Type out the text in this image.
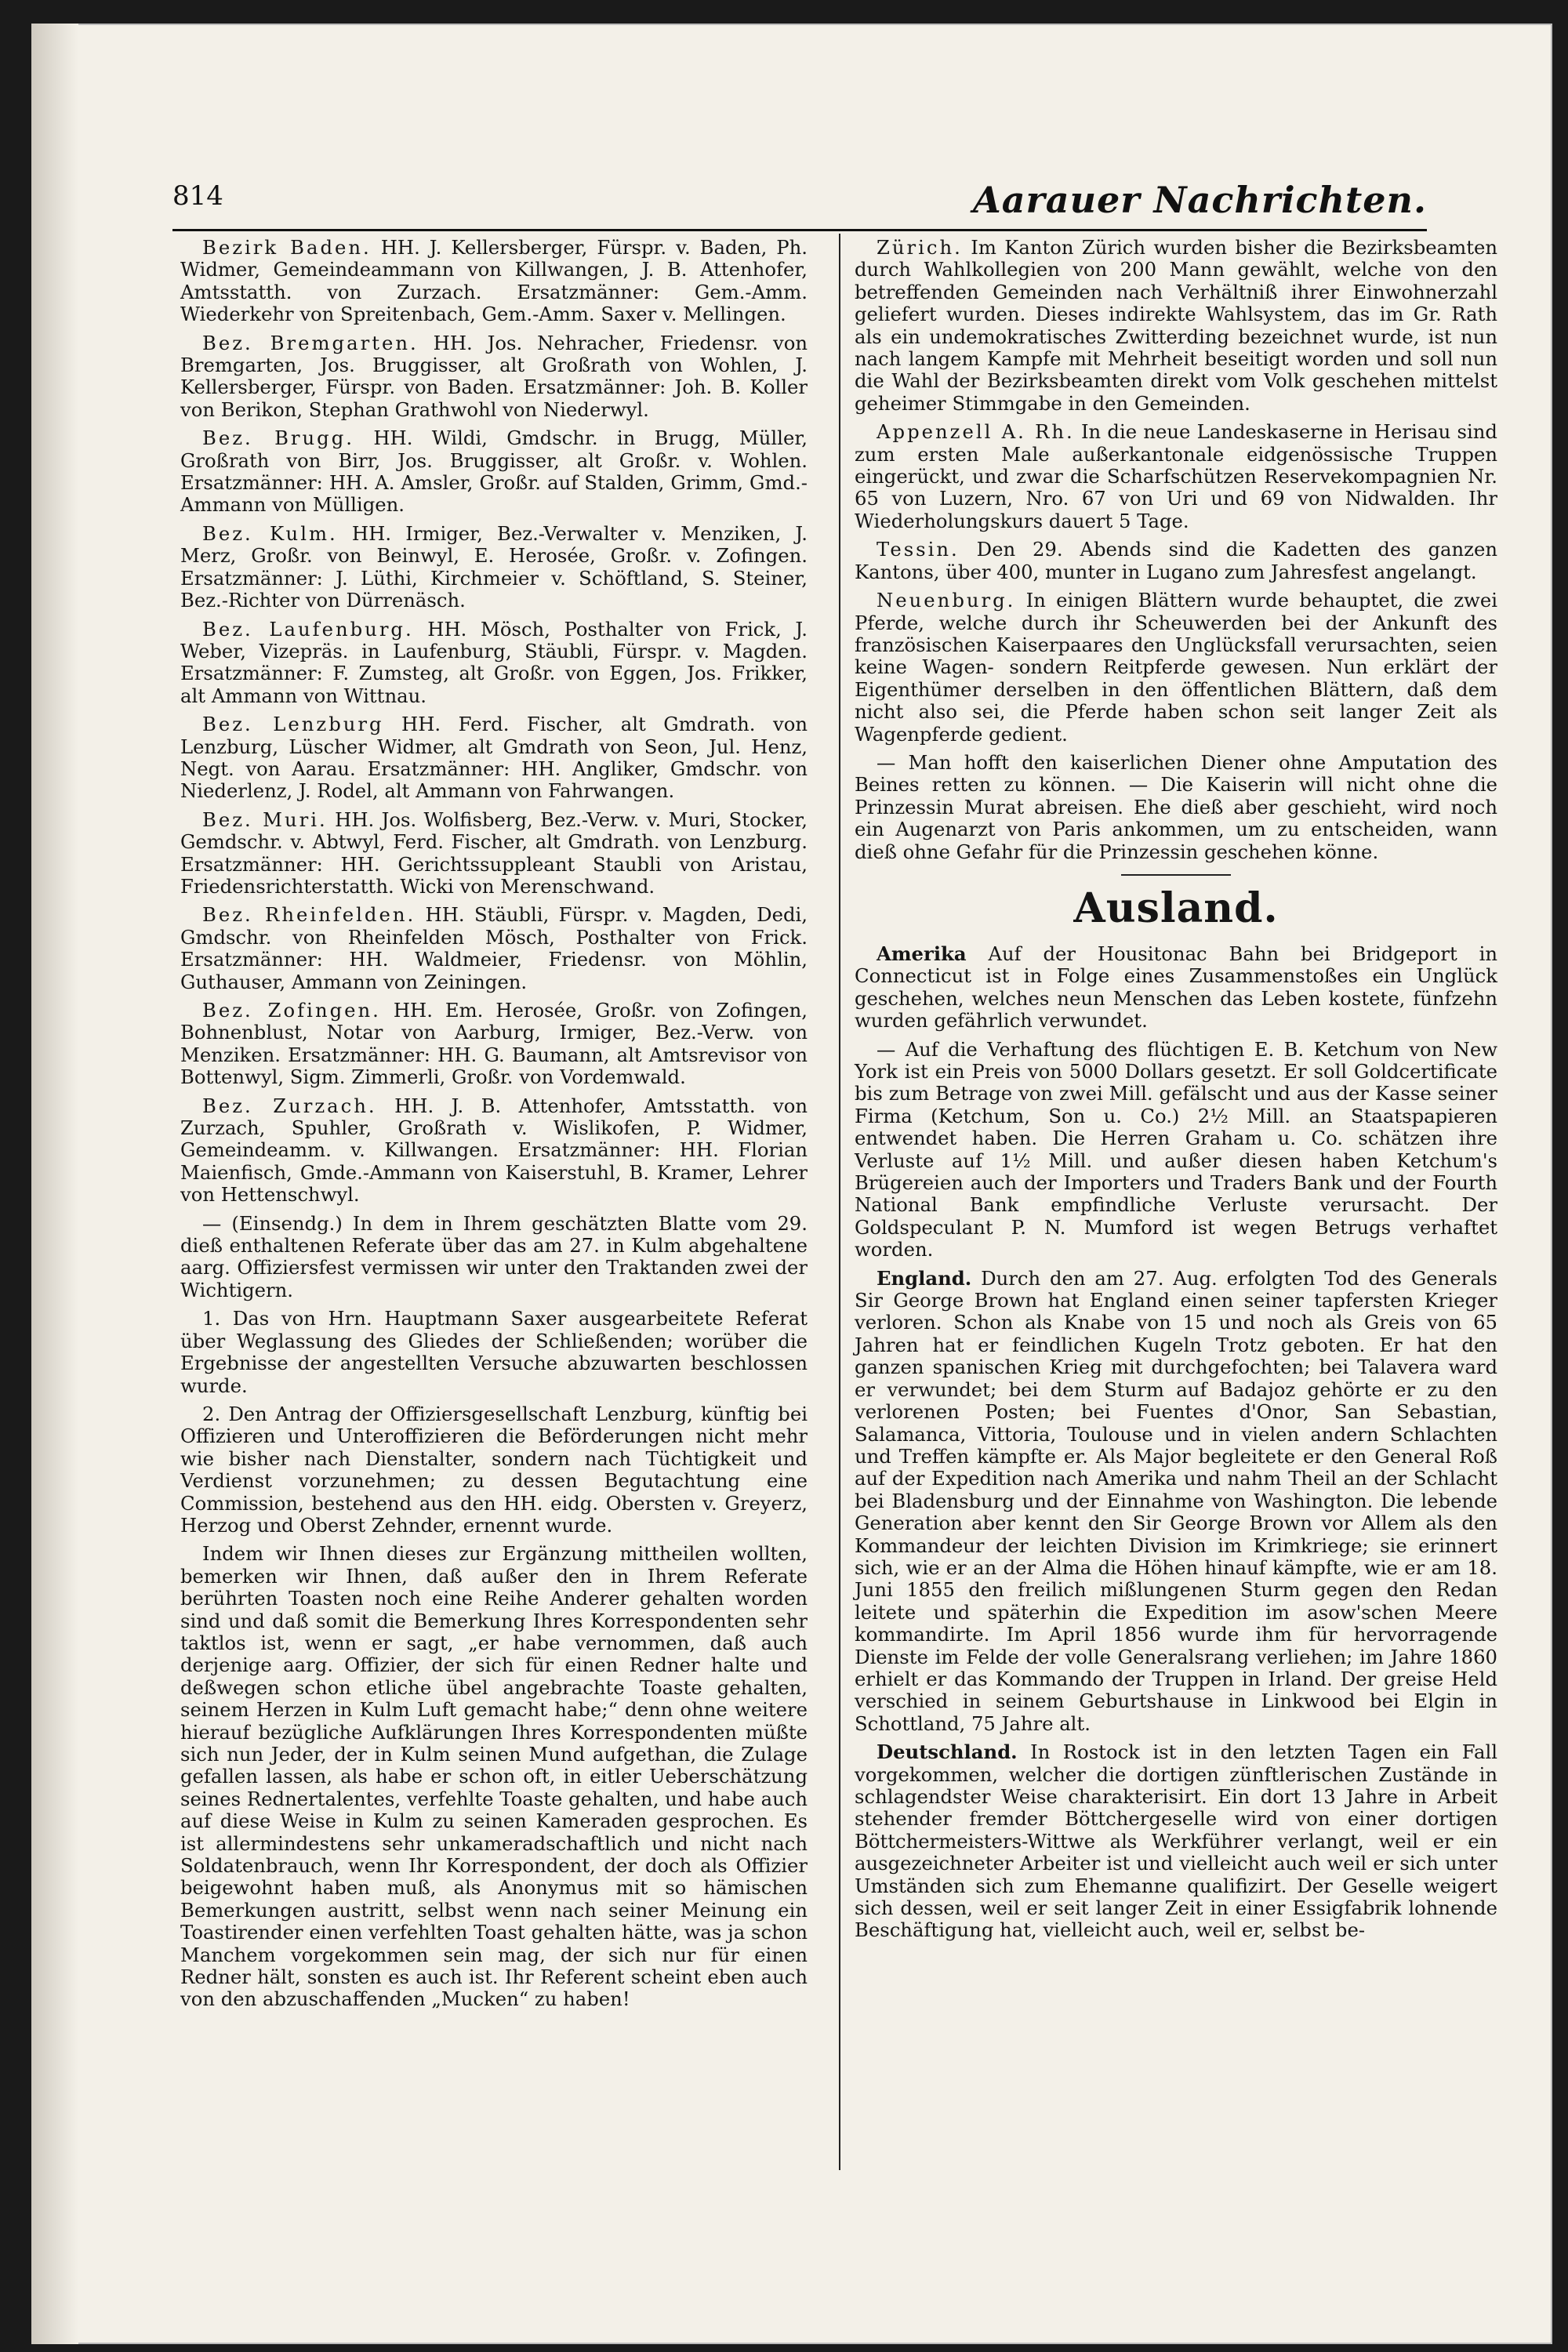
814	Aarauer Nachrichten.

Bezirk Baden. HH. J. Kellersberger, Fürspr. v. Baden, Ph. Widmer, Gemeindeammann von Killwangen, J. B. Attenhofer, Amtsstatth. von Zurzach. Ersatzmänner: Gem.-Amm. Wiederkehr von Spreitenbach, Gem.-Amm. Saxer v. Mellingen.

Bez. Bremgarten. HH. Jos. Nehracher, Friedensr. von Bremgarten, Jos. Bruggisser, alt Großrath von Wohlen, J. Kellersberger, Fürspr. von Baden. Ersatzmänner: Joh. B. Koller von Berikon, Stephan Grathwohl von Niederwyl.

Bez. Brugg. HH. Wildi, Gmdschr. in Brugg, Müller, Großrath von Birr, Jos. Bruggisser, alt Großr. v. Wohlen. Ersatzmänner: HH. A. Amsler, Großr. auf Stalden, Grimm, Gmd.-Ammann von Mülligen.

Bez. Kulm. HH. Irmiger, Bez.-Verwalter v. Menziken, J. Merz, Großr. von Beinwyl, E. Herosée, Großr. v. Zofingen. Ersatzmänner: J. Lüthi, Kirchmeier v. Schöftland, S. Steiner, Bez.-Richter von Dürrenäsch.

Bez. Laufenburg. HH. Mösch, Posthalter von Frick, J. Weber, Vizepräs. in Laufenburg, Stäubli, Fürspr. v. Magden. Ersatzmänner: F. Zumsteg, alt Großr. von Eggen, Jos. Frikker, alt Ammann von Wittnau.

Bez. Lenzburg HH. Ferd. Fischer, alt Gmdrath. von Lenzburg, Lüscher Widmer, alt Gmdrath von Seon, Jul. Henz, Negt. von Aarau. Ersatzmänner: HH. Angliker, Gmdschr. von Niederlenz, J. Rodel, alt Ammann von Fahrwangen.

Bez. Muri. HH. Jos. Wolfisberg, Bez.-Verw. v. Muri, Stocker, Gemdschr. v. Abtwyl, Ferd. Fischer, alt Gmdrath. von Lenzburg. Ersatzmänner: HH. Gerichtssuppleant Staubli von Aristau, Friedensrichterstatth. Wicki von Merenschwand.

Bez. Rheinfelden. HH. Stäubli, Fürspr. v. Magden, Dedi, Gmdschr. von Rheinfelden Mösch, Posthalter von Frick. Ersatzmänner: HH. Waldmeier, Friedensr. von Möhlin, Guthauser, Ammann von Zeiningen.

Bez. Zofingen. HH. Em. Herosée, Großr. von Zofingen, Bohnenblust, Notar von Aarburg, Irmiger, Bez.-Verw. von Menziken. Ersatzmänner: HH. G. Baumann, alt Amtsrevisor von Bottenwyl, Sigm. Zimmerli, Großr. von Vordemwald.

Bez. Zurzach. HH. J. B. Attenhofer, Amtsstatth. von Zurzach, Spuhler, Großrath v. Wislikofen, P. Widmer, Gemeindeamm. v. Killwangen. Ersatzmänner: HH. Florian Maienfisch, Gmde.-Ammann von Kaiserstuhl, B. Kramer, Lehrer von Hettenschwyl.

— (Einsendg.) In dem in Ihrem geschätzten Blatte vom 29. dieß enthaltenen Referate über das am 27. in Kulm abgehaltene aarg. Offiziersfest vermissen wir unter den Traktanden zwei der Wichtigern.

1. Das von Hrn. Hauptmann Saxer ausgearbeitete Referat über Weglassung des Gliedes der Schließenden; worüber die Ergebnisse der angestellten Versuche abzuwarten beschlossen wurde.

2. Den Antrag der Offiziersgesellschaft Lenzburg, künftig bei Offizieren und Unteroffizieren die Beförderungen nicht mehr wie bisher nach Dienstalter, sondern nach Tüchtigkeit und Verdienst vorzunehmen; zu dessen Begutachtung eine Commission, bestehend aus den HH. eidg. Obersten v. Greyerz, Herzog und Oberst Zehnder, ernennt wurde.

Indem wir Ihnen dieses zur Ergänzung mittheilen wollten, bemerken wir Ihnen, daß außer den in Ihrem Referate berührten Toasten noch eine Reihe Anderer gehalten worden sind und daß somit die Bemerkung Ihres Korrespondenten sehr taktlos ist, wenn er sagt, „er habe vernommen, daß auch derjenige aarg. Offizier, der sich für einen Redner halte und deßwegen schon etliche übel angebrachte Toaste gehalten, seinem Herzen in Kulm Luft gemacht habe;“ denn ohne weitere hierauf bezügliche Aufklärungen Ihres Korrespondenten müßte sich nun Jeder, der in Kulm seinen Mund aufgethan, die Zulage gefallen lassen, als habe er schon oft, in eitler Ueberschätzung seines Rednertalentes, verfehlte Toaste gehalten, und habe auch auf diese Weise in Kulm zu seinen Kameraden gesprochen. Es ist allermindestens sehr unkameradschaftlich und nicht nach Soldatenbrauch, wenn Ihr Korrespondent, der doch als Offizier beigewohnt haben muß, als Anonymus mit so hämischen Bemerkungen austritt, selbst wenn nach seiner Meinung ein Toastirender einen verfehlten Toast gehalten hätte, was ja schon Manchem vorgekommen sein mag, der sich nur für einen Redner hält, sonsten es auch ist. Ihr Referent scheint eben auch von den abzuschaffenden „Mucken“ zu haben!

Zürich. Im Kanton Zürich wurden bisher die Bezirksbeamten durch Wahlkollegien von 200 Mann gewählt, welche von den betreffenden Gemeinden nach Verhältniß ihrer Einwohnerzahl geliefert wurden. Dieses indirekte Wahlsystem, das im Gr. Rath als ein undemokratisches Zwitterding bezeichnet wurde, ist nun nach langem Kampfe mit Mehrheit beseitigt worden und soll nun die Wahl der Bezirksbeamten direkt vom Volk geschehen mittelst geheimer Stimmgabe in den Gemeinden.

Appenzell A. Rh. In die neue Landeskaserne in Herisau sind zum ersten Male außerkantonale eidgenössische Truppen eingerückt, und zwar die Scharfschützen Reservekompagnien Nr. 65 von Luzern, Nro. 67 von Uri und 69 von Nidwalden. Ihr Wiederholungskurs dauert 5 Tage.

Tessin. Den 29. Abends sind die Kadetten des ganzen Kantons, über 400, munter in Lugano zum Jahresfest angelangt.

Neuenburg. In einigen Blättern wurde behauptet, die zwei Pferde, welche durch ihr Scheuwerden bei der Ankunft des französischen Kaiserpaares den Unglücksfall verursachten, seien keine Wagen- sondern Reitpferde gewesen. Nun erklärt der Eigenthümer derselben in den öffentlichen Blättern, daß dem nicht also sei, die Pferde haben schon seit langer Zeit als Wagenpferde gedient.

— Man hofft den kaiserlichen Diener ohne Amputation des Beines retten zu können. — Die Kaiserin will nicht ohne die Prinzessin Murat abreisen. Ehe dieß aber geschieht, wird noch ein Augenarzt von Paris ankommen, um zu entscheiden, wann dieß ohne Gefahr für die Prinzessin geschehen könne.

Ausland.

Amerika Auf der Housitonac Bahn bei Bridgeport in Connecticut ist in Folge eines Zusammenstoßes ein Unglück geschehen, welches neun Menschen das Leben kostete, fünfzehn wurden gefährlich verwundet.

— Auf die Verhaftung des flüchtigen E. B. Ketchum von New York ist ein Preis von 5000 Dollars gesetzt. Er soll Goldcertificate bis zum Betrage von zwei Mill. gefälscht und aus der Kasse seiner Firma (Ketchum, Son u. Co.) 2½ Mill. an Staatspapieren entwendet haben. Die Herren Graham u. Co. schätzen ihre Verluste auf 1½ Mill. und außer diesen haben Ketchum's Brügereien auch der Importers und Traders Bank und der Fourth National Bank empfindliche Verluste verursacht. Der Goldspeculant P. N. Mumford ist wegen Betrugs verhaftet worden.

England. Durch den am 27. Aug. erfolgten Tod des Generals Sir George Brown hat England einen seiner tapfersten Krieger verloren. Schon als Knabe von 15 und noch als Greis von 65 Jahren hat er feindlichen Kugeln Trotz geboten. Er hat den ganzen spanischen Krieg mit durchgefochten; bei Talavera ward er verwundet; bei dem Sturm auf Badajoz gehörte er zu den verlorenen Posten; bei Fuentes d'Onor, San Sebastian, Salamanca, Vittoria, Toulouse und in vielen andern Schlachten und Treffen kämpfte er. Als Major begleitete er den General Roß auf der Expedition nach Amerika und nahm Theil an der Schlacht bei Bladensburg und der Einnahme von Washington. Die lebende Generation aber kennt den Sir George Brown vor Allem als den Kommandeur der leichten Division im Krimkriege; sie erinnert sich, wie er an der Alma die Höhen hinauf kämpfte, wie er am 18. Juni 1855 den freilich mißlungenen Sturm gegen den Redan leitete und späterhin die Expedition im asow'schen Meere kommandirte. Im April 1856 wurde ihm für hervorragende Dienste im Felde der volle Generalsrang verliehen; im Jahre 1860 erhielt er das Kommando der Truppen in Irland. Der greise Held verschied in seinem Geburtshause in Linkwood bei Elgin in Schottland, 75 Jahre alt.

Deutschland. In Rostock ist in den letzten Tagen ein Fall vorgekommen, welcher die dortigen zünftlerischen Zustände in schlagendster Weise charakterisirt. Ein dort 13 Jahre in Arbeit stehender fremder Böttchergeselle wird von einer dortigen Böttchermeisters-Wittwe als Werkführer verlangt, weil er ein ausgezeichneter Arbeiter ist und vielleicht auch weil er sich unter Umständen sich zum Ehemanne qualifizirt. Der Geselle weigert sich dessen, weil er seit langer Zeit in einer Essigfabrik lohnende Beschäftigung hat, vielleicht auch, weil er, selbst be-
